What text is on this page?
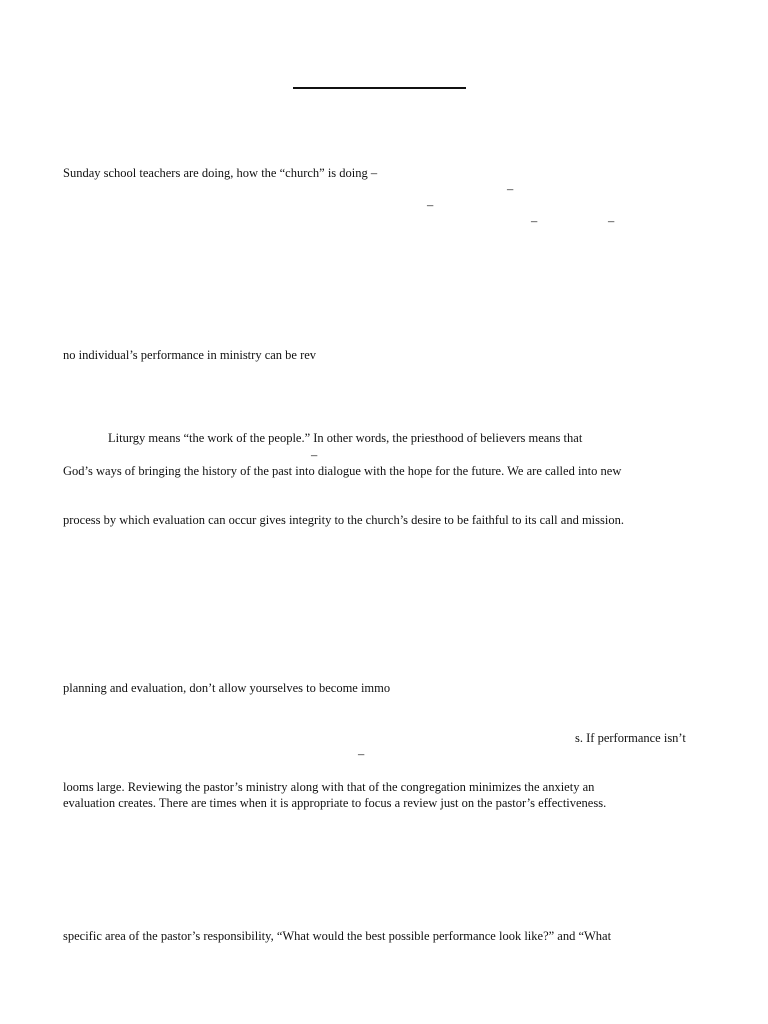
Sunday school teachers are doing, how the “church” is doing –
–
–
–	–
no individual’s performance in ministry can be rev
Liturgy means “the work of the people.” In other words, the priesthood of believers means that
–
God’s ways of bringing the history of the past into dialogue with the hope for the future. We are called into new
process by which evaluation can occur gives integrity to the church’s desire to be faithful to its call and mission.
planning and evaluation, don’t allow yourselves to become immo
s. If performance isn’t
–
looms large. Reviewing the pastor’s ministry along with that of the congregation minimizes the anxiety an
evaluation creates. There are times when it is appropriate to focus a review just on the pastor’s effectiveness.
specific area of the pastor’s responsibility, “What would the best possible performance look like?” and “What
